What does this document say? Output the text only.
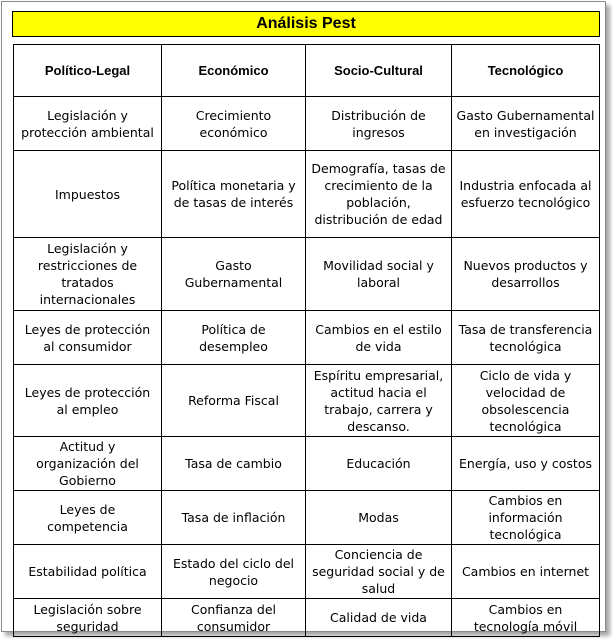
Análisis Pest
Político-Legal	Económico	Socio-Cultural	Tecnológico
Legislación y protección ambiental	Crecimiento económico	Distribución de ingresos	Gasto Gubernamental en investigación
Impuestos	Política monetaria y de tasas de interés	Demografía, tasas de crecimiento de la población, distribución de edad	Industria enfocada al esfuerzo tecnológico
Legislación y restricciones de tratados internacionales	Gasto Gubernamental	Movilidad social y laboral	Nuevos productos y desarrollos
Leyes de protección al consumidor	Política de desempleo	Cambios en el estilo de vida	Tasa de transferencia tecnológica
Leyes de protección al empleo	Reforma Fiscal	Espíritu empresarial, actitud hacia el trabajo, carrera y descanso.	Ciclo de vida y velocidad de obsolescencia tecnológica
Actitud y organización del Gobierno	Tasa de cambio	Educación	Energía, uso y costos
Leyes de competencia	Tasa de inflación	Modas	Cambios en información tecnológica
Estabilidad política	Estado del ciclo del negocio	Conciencia de seguridad social y de salud	Cambios en internet
Legislación sobre seguridad	Confianza del consumidor	Calidad de vida	Cambios en tecnología móvil
